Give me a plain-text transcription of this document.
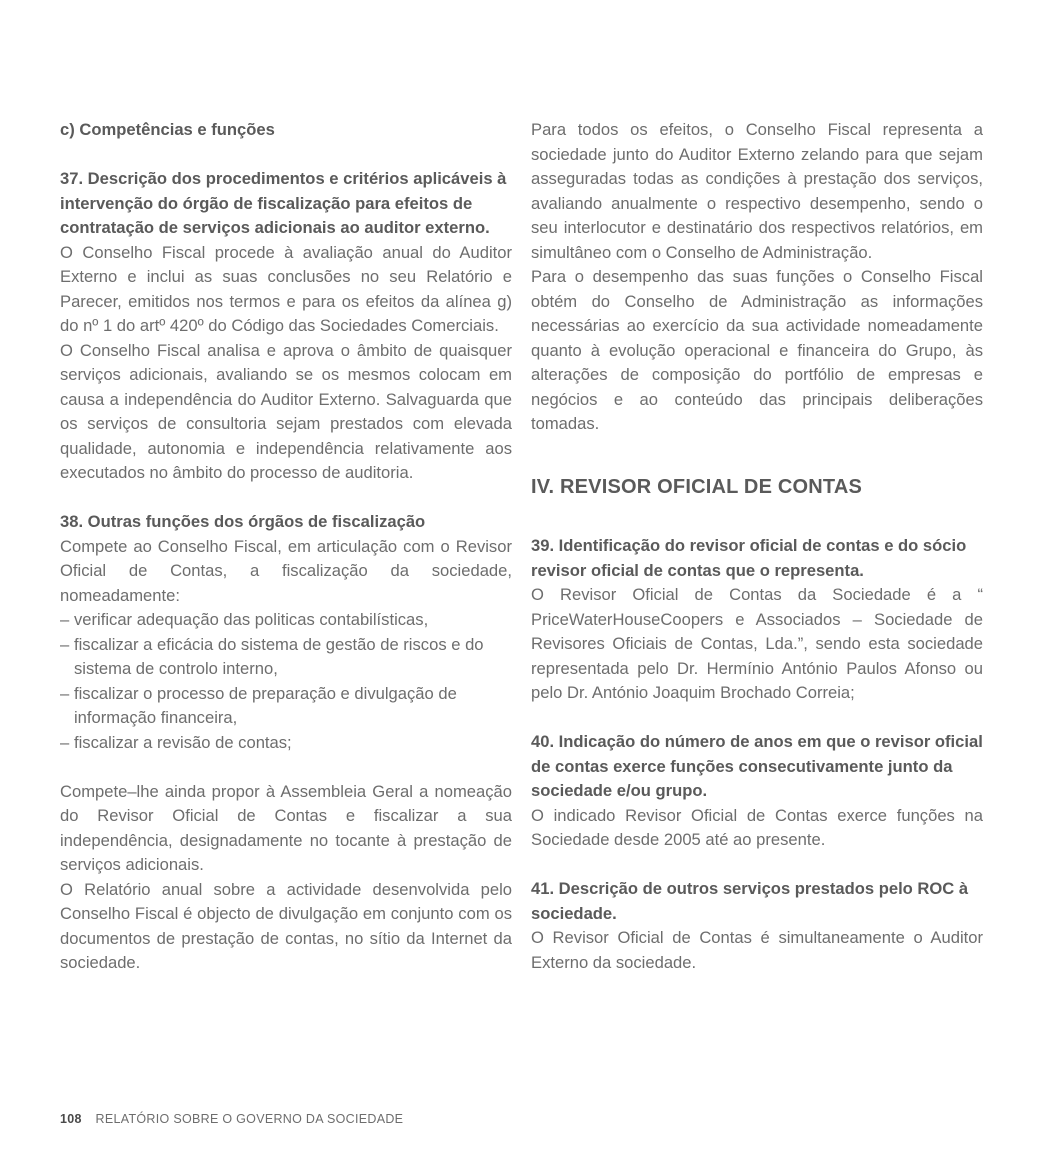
c) Competências e funções
37. Descrição dos procedimentos e critérios aplicáveis à intervenção do órgão de fiscalização para efeitos de contratação de serviços adicionais ao auditor externo.

O Conselho Fiscal procede à avaliação anual do Auditor Externo e inclui as suas conclusões no seu Relatório e Parecer, emitidos nos termos e para os efeitos da alínea g) do nº 1 do artº 420º do Código das Sociedades Comerciais.

O Conselho Fiscal analisa e aprova o âmbito de quaisquer serviços adicionais, avaliando se os mesmos colocam em causa a independência do Auditor Externo. Salvaguarda que os serviços de consultoria sejam prestados com elevada qualidade, autonomia e independência relativamente aos executados no âmbito do processo de auditoria.

38. Outras funções dos órgãos de fiscalização

Compete ao Conselho Fiscal, em articulação com o Revisor Oficial de Contas, a fiscalização da sociedade, nomeadamente:

– verificar adequação das politicas contabilísticas,
– fiscalizar a eficácia do sistema de gestão de riscos e do sistema de controlo interno,
– fiscalizar o processo de preparação e divulgação de informação financeira,
– fiscalizar a revisão de contas;

Compete–lhe ainda propor à Assembleia Geral a nomeação do Revisor Oficial de Contas e fiscalizar a sua independência, designadamente no tocante à prestação de serviços adicionais.

O Relatório anual sobre a actividade desenvolvida pelo Conselho Fiscal é objecto de divulgação em conjunto com os documentos de prestação de contas, no sítio da Internet da sociedade.

Para todos os efeitos, o Conselho Fiscal representa a sociedade junto do Auditor Externo zelando para que sejam asseguradas todas as condições à prestação dos serviços, avaliando anualmente o respectivo desempenho, sendo o seu interlocutor e destinatário dos respectivos relatórios, em simultâneo com o Conselho de Administração.

Para o desempenho das suas funções o Conselho Fiscal obtém do Conselho de Administração as informações necessárias ao exercício da sua actividade nomeadamente quanto à evolução operacional e financeira do Grupo, às alterações de composição do portfólio de empresas e negócios e ao conteúdo das principais deliberações tomadas.

IV. REVISOR OFICIAL DE CONTAS
39. Identificação do revisor oficial de contas e do sócio revisor oficial de contas que o representa.

O Revisor Oficial de Contas da Sociedade é a “ PriceWaterHouseCoopers e Associados – Sociedade de Revisores Oficiais de Contas, Lda.”, sendo esta sociedade representada pelo Dr. Hermínio António Paulos Afonso ou pelo Dr. António Joaquim Brochado Correia;

40. Indicação do número de anos em que o revisor oficial de contas exerce funções consecutivamente junto da sociedade e/ou grupo.

O indicado Revisor Oficial de Contas exerce funções na Sociedade desde 2005 até ao presente.

41. Descrição de outros serviços prestados pelo ROC à sociedade.

O Revisor Oficial de Contas é simultaneamente o Auditor Externo da sociedade.

108 RELATÓRIO SOBRE O GOVERNO DA SOCIEDADE
